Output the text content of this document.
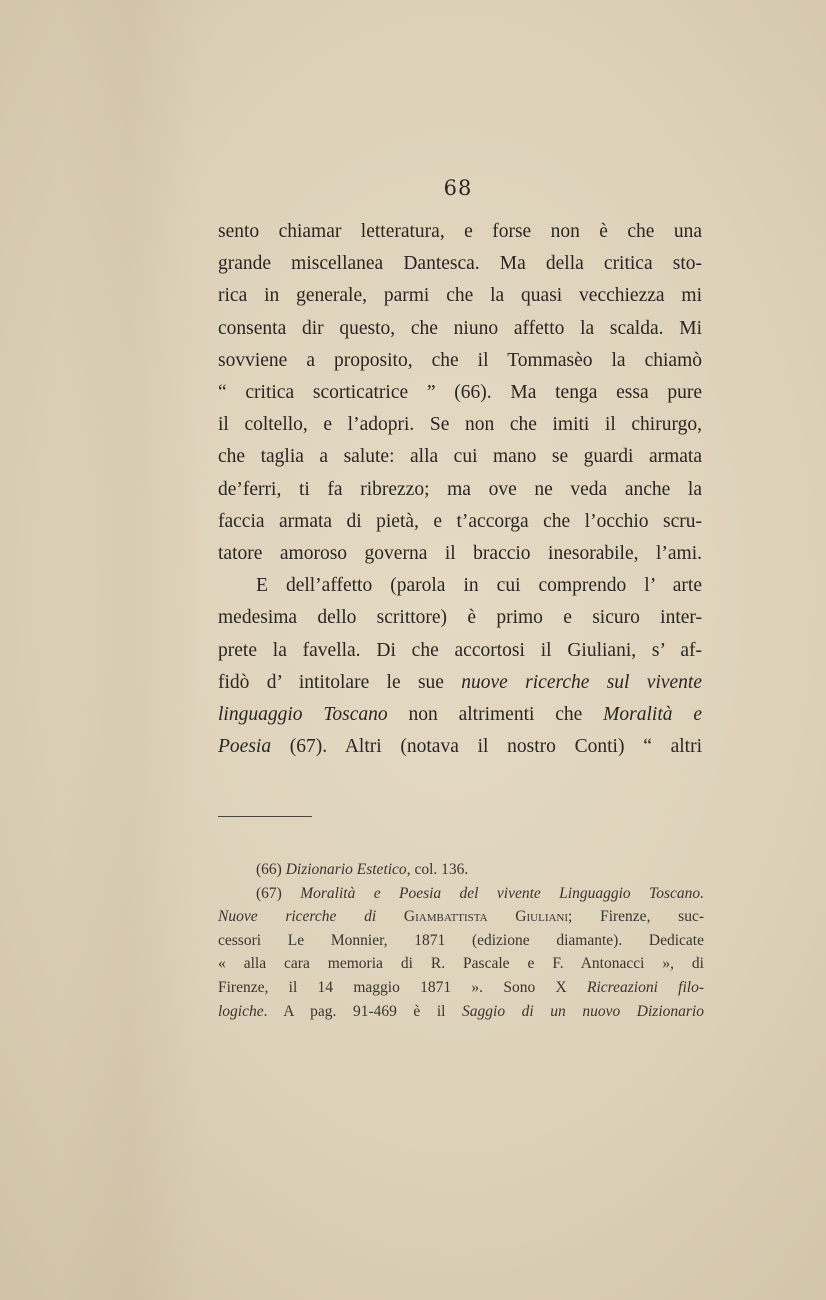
68
sento chiamar letteratura, e forse non è che una
grande miscellanea Dantesca. Ma della critica sto-
rica in generale, parmi che la quasi vecchiezza mi
consenta dir questo, che niuno affetto la scalda. Mi
sovviene a proposito, che il Tommasèo la chiamò
“ critica scorticatrice ” (66). Ma tenga essa pure
il coltello, e l’adopri. Se non che imiti il chirurgo,
che taglia a salute: alla cui mano se guardi armata
de’ferri, ti fa ribrezzo; ma ove ne veda anche la
faccia armata di pietà, e t’accorga che l’occhio scru-
tatore amoroso governa il braccio inesorabile, l’ami.
E dell’affetto (parola in cui comprendo l’ arte
medesima dello scrittore) è primo e sicuro inter-
prete la favella. Di che accortosi il Giuliani, s’ af-
fidò d’ intitolare le sue nuove ricerche sul vivente
linguaggio Toscano non altrimenti che Moralità e
Poesia (67). Altri (notava il nostro Conti) “ altri
(66) Dizionario Estetico, col. 136.
(67) Moralità e Poesia del vivente Linguaggio Toscano.
Nuove ricerche di Giambattista Giuliani; Firenze, suc-
cessori Le Monnier, 1871 (edizione diamante). Dedicate
« alla cara memoria di R. Pascale e F. Antonacci », di
Firenze, il 14 maggio 1871 ». Sono X Ricreazioni filo-
logiche. A pag. 91-469 è il Saggio di un nuovo Dizionario
